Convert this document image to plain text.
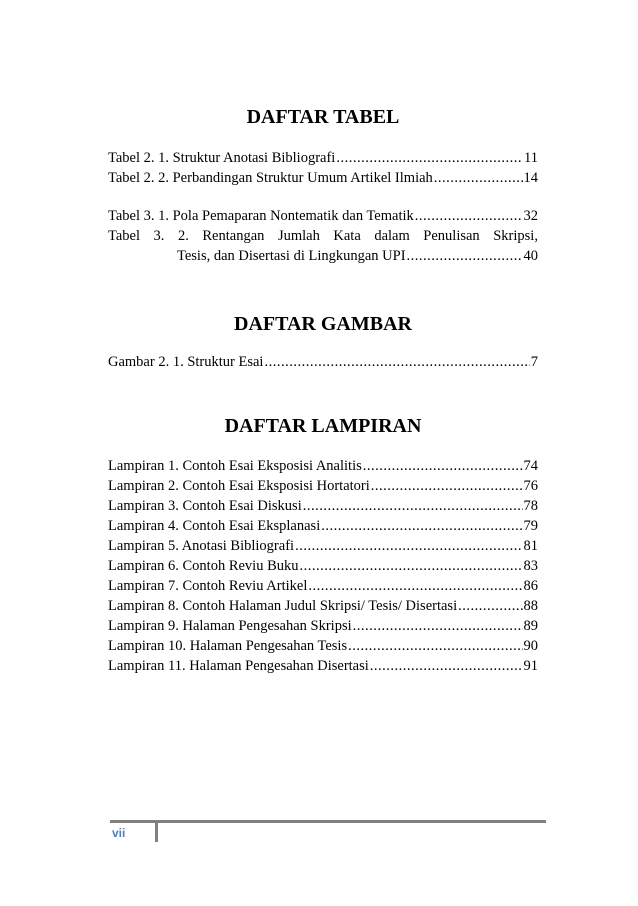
DAFTAR TABEL
Tabel 2. 1. Struktur Anotasi Bibliografi .....	11
Tabel 2. 2. Perbandingan Struktur Umum Artikel Ilmiah .....	14
Tabel 3. 1. Pola Pemaparan Nontematik dan Tematik .....	32
Tabel 3. 2. Rentangan Jumlah Kata dalam Penulisan Skripsi,
Tesis, dan Disertasi di Lingkungan UPI .....	40
DAFTAR GAMBAR
Gambar 2. 1. Struktur Esai .....	7
DAFTAR LAMPIRAN
Lampiran 1. Contoh Esai Eksposisi Analitis .....	74
Lampiran 2. Contoh Esai Eksposisi Hortatori .....	76
Lampiran 3. Contoh Esai Diskusi .....	78
Lampiran 4. Contoh Esai Eksplanasi .....	79
Lampiran 5. Anotasi Bibliografi .....	81
Lampiran 6. Contoh Reviu Buku .....	83
Lampiran 7. Contoh Reviu Artikel .....	86
Lampiran 8. Contoh Halaman Judul Skripsi/ Tesis/ Disertasi .....	88
Lampiran 9. Halaman Pengesahan Skripsi .....	89
Lampiran 10. Halaman Pengesahan Tesis .....	90
Lampiran 11. Halaman Pengesahan Disertasi .....	91
vii
